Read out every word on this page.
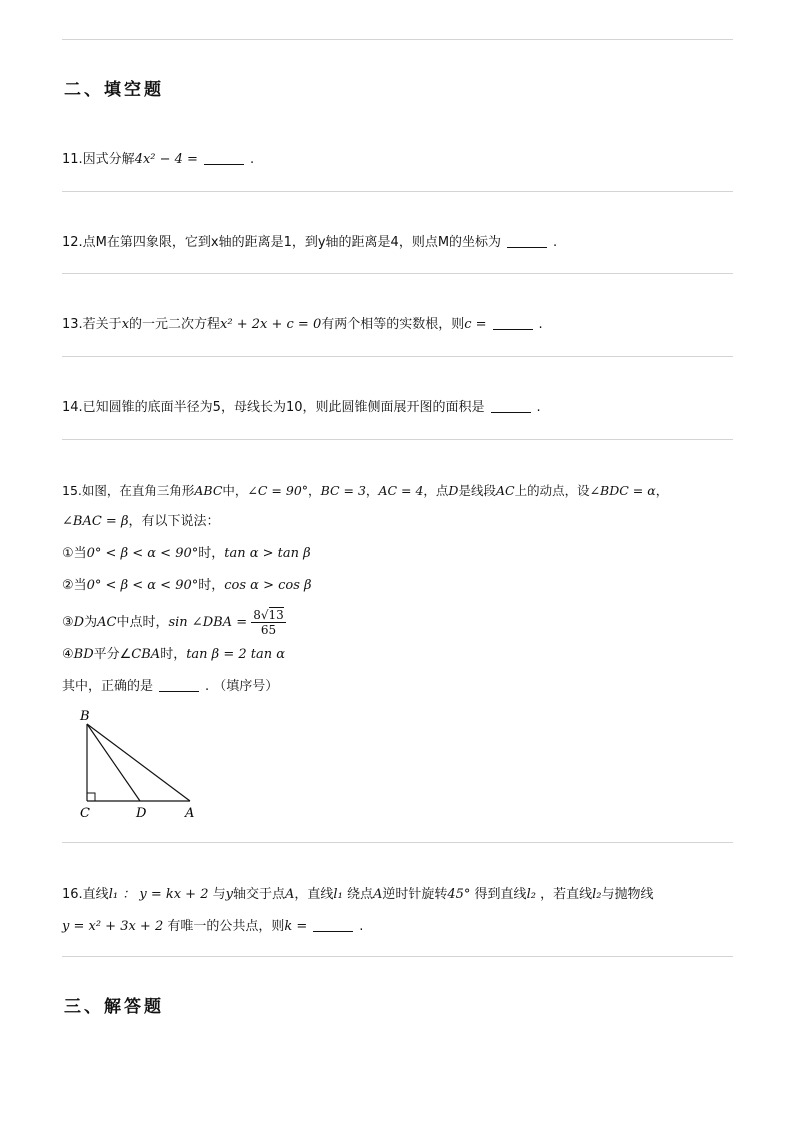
二、填空题
11.因式分解4x² − 4 =	.
12.点M在第四象限，它到x轴的距离是1，到y轴的距离是4，则点M的坐标为	.
13.若关于x的一元二次方程x² + 2x + c = 0有两个相等的实数根，则c =	.
14.已知圆锥的底面半径为5，母线长为10，则此圆锥侧面展开图的面积是	.
15.如图，在直角三角形ABC中，∠C = 90°，BC = 3，AC = 4，点D是线段AC上的动点，设∠BDC = α，
∠BAC = β，有以下说法：
①当0° < β < α < 90°时，tan α > tan β
②当0° < β < α < 90°时，cos α > cos β
③D为AC中点时，sin ∠DBA = $\frac{8√13}{65}$
④BD平分∠CBA时，tan β = 2 tan α
其中，正确的是	. （填序号）
B
C	D	A
16.直线l₁ ： y = kx + 2 与y轴交于点A，直线l₁ 绕点A逆时针旋转45° 得到直线l₂ ，若直线l₂与抛物线
y = x² + 3x + 2 有唯一的公共点，则k =	.
三、解答题
